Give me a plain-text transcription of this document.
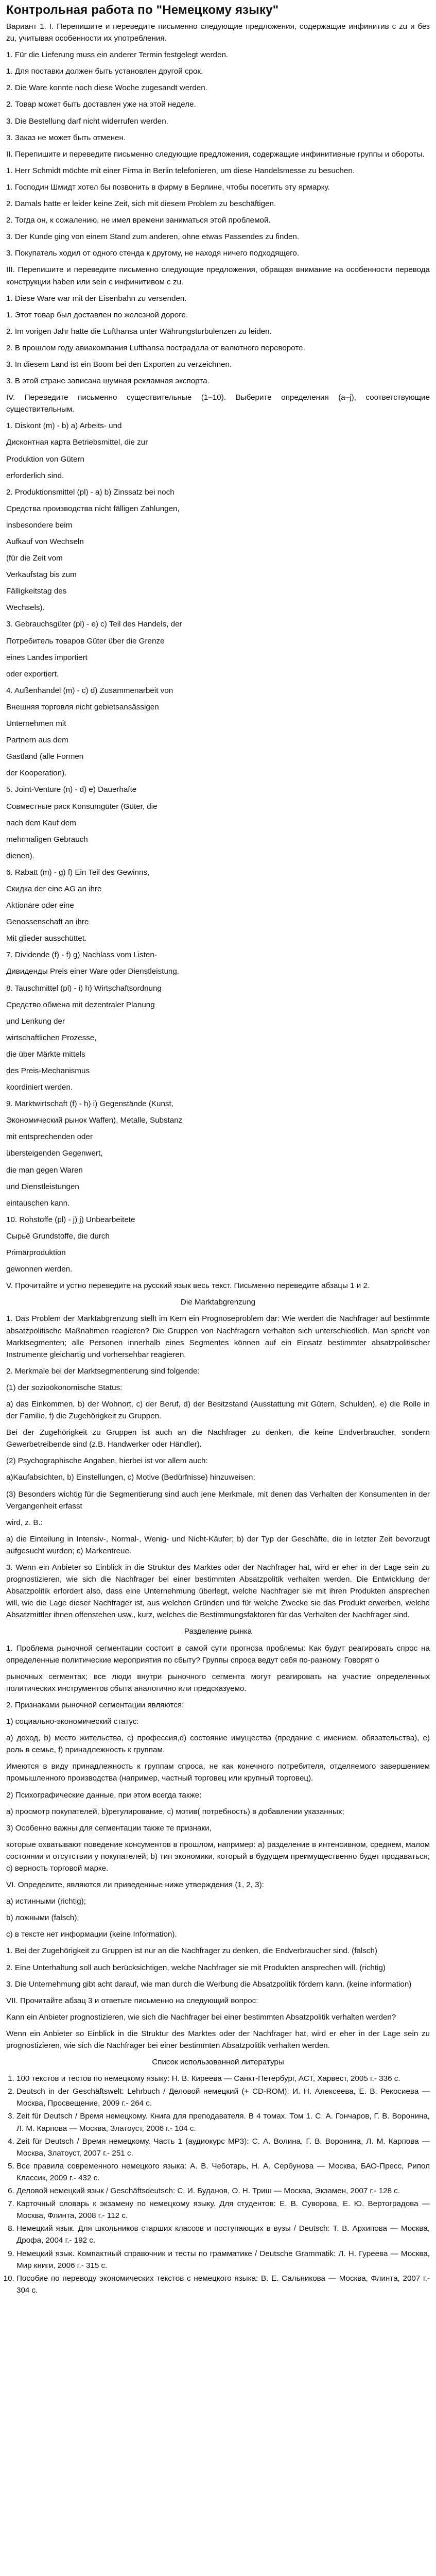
Контрольная работа по "Немецкому языку"

Вариант 1. I. Перепишите и переведите письменно следующие предложения, содержащие инфинитив с zu и без zu, учитывая особенности их употребления.

1. Für die Lieferung muss ein anderer Termin festgelegt werden.

1. Для поставки должен быть установлен другой срок.

2. Die Ware konnte noch diese Woche zugesandt werden.

2. Товар может быть доставлен уже на этой неделе.

3. Die Bestellung darf nicht widerrufen werden.

3. Заказ не может быть отменен.

II. Перепишите и переведите письменно следующие предложения, содержащие инфинитивные группы и обороты.

1. Herr Schmidt möchte mit einer Firma in Berlin telefonieren, um diese Handelsmesse zu besuchen.

1. Господин Шмидт хотел бы позвонить в фирму в Берлине, чтобы посетить эту ярмарку.

2. Damals hatte er leider keine Zeit, sich mit diesem Problem zu beschäftigen.

2. Тогда он, к сожалению, не имел времени заниматься этой проблемой.

3. Der Kunde ging von einem Stand zum anderen, ohne etwas Passendes zu finden.

3. Покупатель ходил от одного стенда к другому, не находя ничего подходящего.

III. Перепишите и переведите письменно следующие предложения, обращая внимание на особенности перевода конструкции haben или sein с инфинитивом с zu.

1. Diese Ware war mit der Eisenbahn zu versenden.

1. Этот товар был доставлен по железной дороге.

2. Im vorigen Jahr hatte die Lufthansa unter Währungsturbulenzen zu leiden.

2. В прошлом году авиакомпания Lufthansa пострадала от валютного перевороте.

3. In diesem Land ist ein Boom bei den Exporten zu verzeichnen.

3. В этой стране записана шумная рекламная экспортa.

IV. Переведите письменно существительные (1–10). Выберите определения (a–j), соответствующие существительным.

1. Diskont (m) - b) a) Arbeits- und

Дисконтная карта Betriebsmittel, die zur

Produktion von Gütern

erforderlich sind.

2. Produktionsmittel (pl) - a) b) Zinssatz bei noch

Средства производства nicht fälligen Zahlungen,

insbesondere beim

Aufkauf von Wechseln

(für die Zeit vom

Verkaufstag bis zum

Fälligkeitstag des

Wechsels).

3. Gebrauchsgüter (pl) - e) c) Teil des Handels, der

Потребитель товаров Güter über die Grenze

eines Landes importiert

oder exportiert.

4. Außenhandel (m) - c) d) Zusammenarbeit von

Внешняя торговля nicht gebietsansässigen

Unternehmen mit

Partnern aus dem

Gastland (alle Formen

der Kooperation).

5. Joint-Venture (n) - d) e) Dauerhafte

Совместные риск Konsumgüter (Güter, die

nach dem Kauf dem

mehrmaligen Gebrauch

dienen).

6. Rabatt (m) - g) f) Ein Teil des Gewinns,

Скидка der eine AG an ihre

Aktionäre oder eine

Genossenschaft an ihre

Mit glieder ausschüttet.

7. Dividende (f) - f) g) Nachlass vom Listen-

Дивиденды Preis einer Ware oder Dienstleistung.

8. Tauschmittel (pl) - i) h) Wirtschaftsordnung

Средство обмена mit dezentraler Planung

und Lenkung der

wirtschaftlichen Prozesse,

die über Märkte mittels

des Preis-Mechanismus

koordiniert werden.

9. Marktwirtschaft (f) - h) i) Gegenstände (Kunst,

Экономический рынок Waffen), Metalle, Substanz

mit entsprechenden oder

übersteigenden Gegenwert,

die man gegen Waren

und Dienstleistungen

eintauschen kann.

10. Rohstoffe (pl) - j) j) Unbearbeitete

Сырьё Grundstoffe, die durch

Primärproduktion

gewonnen werden.

V. Прочитайте и устно переведите на русский язык весь текст. Письменно переведите абзацы 1 и 2.

Die Marktabgrenzung

1. Das Problem der Marktabgrenzung stellt im Kern ein Prognoseproblem dar: Wie werden die Nachfrager auf bestimmte absatzpolitische Maßnahmen reagieren? Die Gruppen von Nachfragern verhalten sich unterschiedlich. Man spricht von Marktsegmenten; alle Personen innerhalb eines Segmentes können auf ein Einsatz bestimmter absatzpolitischer Instrumente gleichartig und vorhersehbar reagieren.

2. Merkmale bei der Marktsegmentierung sind folgende:

(1) der sozioökonomische Status:

a) das Einkommen, b) der Wohnort, c) der Beruf, d) der Besitzstand (Ausstattung mit Gütern, Schulden), e) die Rolle in der Familie, f) die Zugehörigkeit zu Gruppen.

Bei der Zugehörigkeit zu Gruppen ist auch an die Nachfrager zu denken, die keine Endverbraucher, sondern Gewerbetreibende sind (z.B. Handwerker oder Händler).

(2) Psychographische Angaben, hierbei ist vor allem auch:

a)Kaufabsichten, b) Einstellungen, c) Motive (Bedürfnisse) hinzuweisen;

(3) Besonders wichtig für die Segmentierung sind auch jene Merkmale, mit denen das Verhalten der Konsumenten in der Vergangenheit erfasst

wird, z. B.:

a) die Einteilung in Intensiv-, Normal-, Wenig- und Nicht-Käufer; b) der Typ der Geschäfte, die in letzter Zeit bevorzugt aufgesucht wurden; c) Markentreue.

3. Wenn ein Anbieter so Einblick in die Struktur des Marktes oder der Nachfrager hat, wird er eher in der Lage sein zu prognostizieren, wie sich die Nachfrager bei einer bestimmten Absatzpolitik verhalten werden. Die Entwicklung der Absatzpolitik erfordert also, dass eine Unternehmung überlegt, welche Nachfrager sie mit ihren Produkten ansprechen will, wie die Lage dieser Nachfrager ist, aus welchen Gründen und für welche Zwecke sie das Produkt erwerben, welche Absatzmittler ihnen offenstehen usw., kurz, welches die Bestimmungsfaktoren für das Verhalten der Nachfrager sind.

Разделение рынка

1. Проблема рыночной сегментации состоит в самой сути прогноза проблемы: Как будут реагировать спрос на определенные политические мероприятия по сбыту? Группы спроса ведут себя по-разному. Говорят о

рыночных сегментах; все люди внутри рыночного сегмента могут реагировать на участие определенных политических инструментов сбыта аналогично или предсказуемо.

2. Признаками рыночной сегментации являются:

1) социально-экономический статус:

a) доход, b) место жительства, c) профессия,d) состояние имущества (предание с имением, обязательства), e) роль в семье, f) принадлежность к группам.

Имеются в виду принадлежность к группам спроса, не как конечного потребителя, отделяемого завершением промышленного производства (например, частный торговец или крупный торговец).

2) Психографические данные, при этом всегда также:

a) просмотр покупателей, b)регулирование, c) мотив( потребность) в добавлении указанных;

3) Особенно важны для сегментации также те признаки,

которые охватывают поведение консументов в прошлом, например: a) разделение в интенсивном, среднем, малом состоянии и отсутствии у покупателей; b) тип экономики, который в будущем преимущественно будет продаваться; с) верность торговой марке.

VI. Определите, являются ли приведенные ниже утверждения (1, 2, 3):

a) истинными (richtig);

b) ложными (falsch);

c) в тексте нет информации (keine Information).

1. Bei der Zugehörigkeit zu Gruppen ist nur an die Nachfrager zu denken, die Endverbraucher sind. (falsch)

2. Eine Unterhaltung soll auch berücksichtigen, welche Nachfrager sie mit Produkten ansprechen will. (richtig)

3. Die Unternehmung gibt acht darauf, wie man durch die Werbung die Absatzpolitik fördern kann. (keine information)

VII. Прочитайте абзац 3 и ответьте письменно на следующий вопрос:

Kann ein Anbieter prognostizieren, wie sich die Nachfrager bei einer bestimmten Absatzpolitik verhalten werden?

Wenn ein Anbieter so Einblick in die Struktur des Marktes oder der Nachfrager hat, wird er eher in der Lage sein zu prognostizieren, wie sich die Nachfrager bei einer bestimmten Absatzpolitik verhalten werden.

Список использованной литературы

1. 100 текстов и тестов по немецкому языку: Н. В. Киреева — Санкт-Петербург, АСТ, Харвест, 2005 г.- 336 с.
2. Deutsch in der Geschäftswelt: Lehrbuch / Деловой немецкий (+ CD-ROM): И. Н. Алексеева, Е. В. Рекосиева — Москва, Просвещение, 2009 г.- 264 с.
3. Zeit für Deutsch / Время немецкому. Книга для преподавателя. В 4 томах. Том 1. С. А. Гончаров, Г. В. Воронина, Л. М. Карпова — Москва, Златоуст, 2006 г.- 104 с.
4. Zeit für Deutsch / Время немецкому. Часть 1 (аудиокурс MP3): С. А. Волина, Г. В. Воронина, Л. М. Карпова — Москва, Златоуст, 2007 г.- 251 с.
5. Все правила современного немецкого языка: А. В. Чеботарь, Н. А. Сербунова — Москва, БАО-Пресс, Рипол Классик, 2009 г.- 432 с.
6. Деловой немецкий язык / Geschäftsdeutsch: С. И. Буданов, О. Н. Триш — Москва, Экзамен, 2007 г.- 128 с.
7. Карточный словарь к экзамену по немецкому языку. Для студентов: Е. В. Суворова, Е. Ю. Вертоградова — Москва, Флинта, 2008 г.- 112 с.
8. Немецкий язык. Для школьников старших классов и поступающих в вузы / Deutsch: Т. В. Архипова — Москва, Дрофа, 2004 г.- 192 с.
9. Немецкий язык. Компактный справочник и тесты по грамматике / Deutsche Grammatik: Л. Н. Гуреева — Москва, Мир книги, 2006 г.- 315 с.
10. Пособие по переводу экономических текстов с немецкого языка: В. Е. Сальникова — Москва, Флинта, 2007 г.- 304 с.
